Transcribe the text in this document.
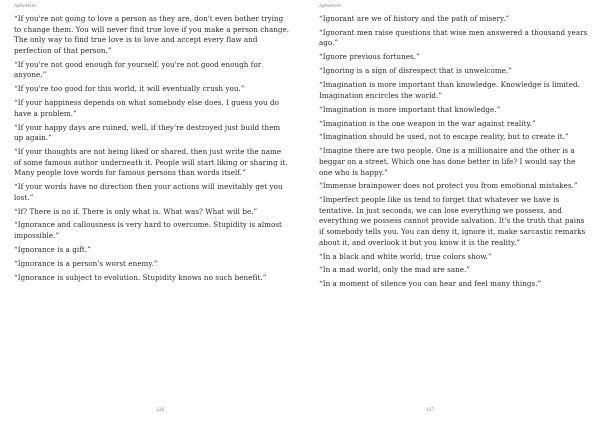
Aphorism

“If you're not going to love a person as they are, don't even bother trying to change them. You will never find true love if you make a person change. The only way to find true love is to love and accept every flaw and perfection of that person.”

“If you're not good enough for yourself, you're not good enough for anyone.”

“If you're too good for this world, it will eventually crush you.”

“If your happiness depends on what somebody else does, I guess you do have a problem.”

“If your happy days are ruined, well, if they're destroyed just build them up again.”

“If your thoughts are not being liked or shared, then just write the name of some famous author underneath it. People will start liking or sharing it. Many people love words for famous persons than words itself.”

“If your words have no direction then your actions will inevitably get you lost.”

“If? There is no if. There is only what is. What was? What will be.”

“Ignorance and callousness is very hard to overcome. Stupidity is almost impossible.”

“Ignorance is a gift.”

“Ignorance is a person's worst enemy.”

“Ignorance is subject to evolution. Stupidity knows no such benefit.”

126
Aphorism

“Ignorant are we of history and the path of misery.”

“Ignorant men raise questions that wise men answered a thousand years ago.”

“Ignore previous fortunes.”

“Ignoring is a sign of disrespect that is unwelcome.”

“Imagination is more important than knowledge. Knowledge is limited. Imagination encircles the world.”

“Imagination is more important that knowledge.”

“Imagination is the one weapon in the war against reality.”

“Imagination should be used, not to escape reality, but to create it.”

“Imagine there are two people. One is a millionaire and the other is a beggar on a street. Which one has done better in life? I would say the one who is happy.”

“Immense brainpower does not protect you from emotional mistakes.”

“Imperfect people like us tend to forget that whatever we have is tentative. In just seconds, we can lose everything we possess, and everything we possess cannot provide salvation. It's the truth that pains if somebody tells you. You can deny it, ignore it, make sarcastic remarks about it, and overlook it but you know it is the reality.”

“In a black and white world, true colors show.”

“In a mad world, only the mad are sane.”

“In a moment of silence you can hear and feel many things.”

127
